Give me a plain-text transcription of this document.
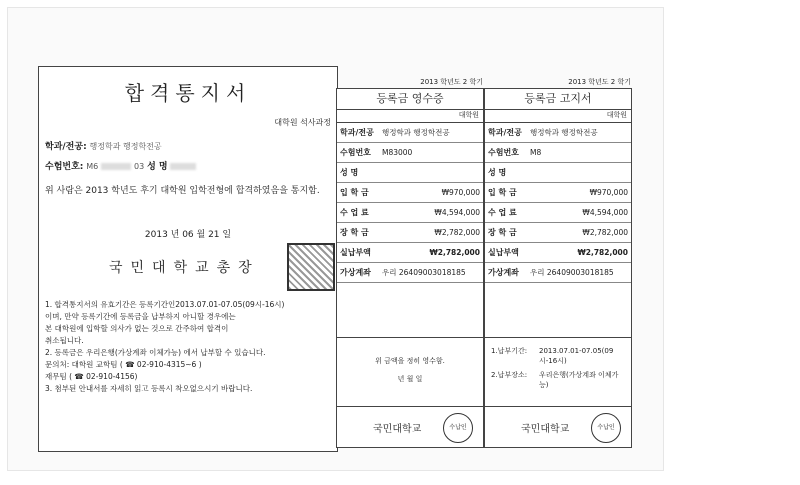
합격통지서
대학원 석사과정
학과/전공: 행정학과 행정학전공
수험번호: M6	03 성 명
위 사람은 2013 학년도 후기 대학원 입학전형에 합격하였음을 통지함.
2013 년 06 월 21 일
국민대학교총장
1. 합격통지서의 유효기간은 등록기간인2013.07.01-07.05(09시-16시)
이며, 만약 등록기간에 등록금을 납부하지 아니할 경우에는
본 대학원에 입학할 의사가 없는 것으로 간주하여 합격이
취소됩니다.
2. 등록금은 우리은행(가상계좌 이체가능) 에서 납부할 수 있습니다.
문의처: 대학원 교학팀 ( ☎ 02-910-4315~6 )
재무팀 ( ☎ 02-910-4156)
3. 첨부된 안내서를 자세히 읽고 등록시 착오없으시기 바랍니다.
2013 학년도 2 학기
등록금 영수증
대학원
학과/전공	행정학과 행정학전공
수험번호	M83000
성 명
입 학 금	₩970,000
수 업 료	₩4,594,000
장 학 금	₩2,782,000
실납부액	₩2,782,000
가상계좌	우리 26409003018185
위 금액을 정히 영수함.
년 월 일
국민대학교	수납인
2013 학년도 2 학기
등록금 고지서
대학원
학과/전공	행정학과 행정학전공
수험번호	M8
성 명
입 학 금	₩970,000
수 업 료	₩4,594,000
장 학 금	₩2,782,000
실납부액	₩2,782,000
가상계좌	우리 26409003018185
1.납부기간: 2013.07.01-07.05(09시-16시)
2.납부장소: 우리은행(가상계좌 이체가능)
국민대학교	수납인
